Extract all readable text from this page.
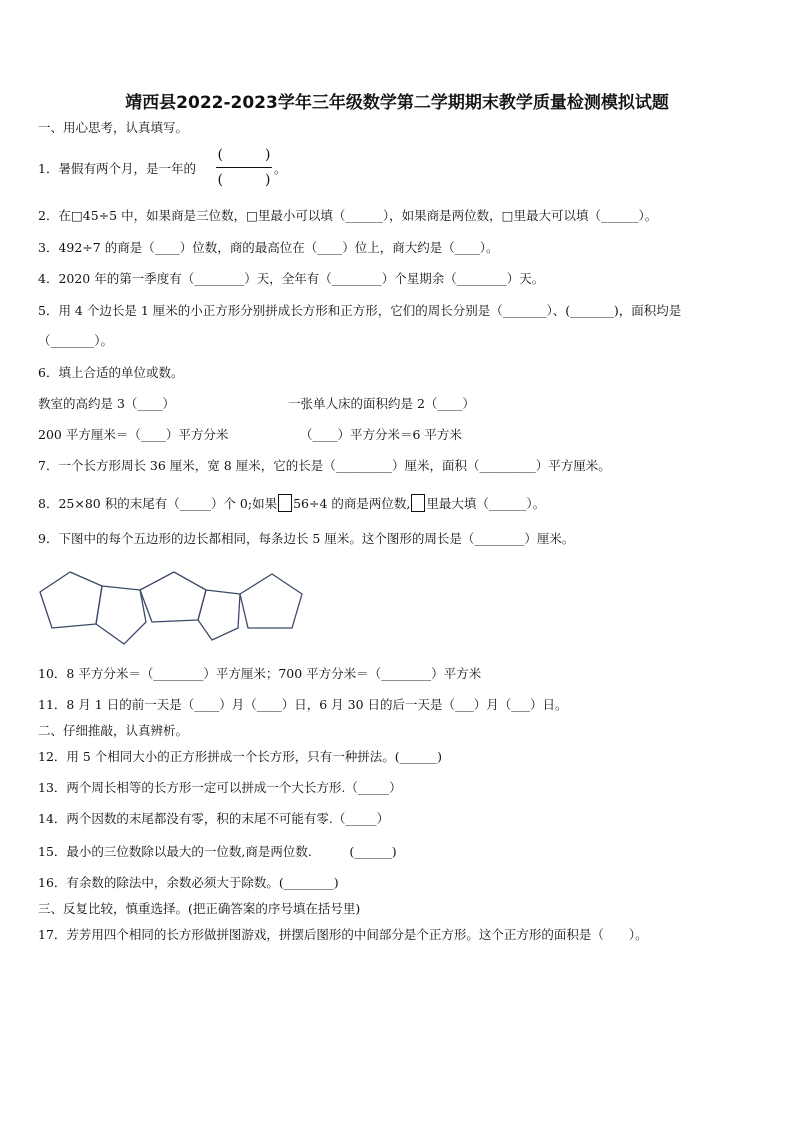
靖西县2022-2023学年三年级数学第二学期期末教学质量检测模拟试题
一、用心思考，认真填写。
1．暑假有两个月，是一年的
(　　　)
(　　　)
。
2．在□45÷5 中，如果商是三位数，□里最小可以填（______），如果商是两位数，□里最大可以填（______）。
3．492÷7 的商是（____）位数，商的最高位在（____）位上，商大约是（____）。
4．2020 年的第一季度有（________）天，全年有（________）个星期余（________）天。
5．用 4 个边长是 1 厘米的小正方形分别拼成长方形和正方形，它们的周长分别是（_______）、(_______)，面积均是
（_______）。
6．填上合适的单位或数。
教室的高约是 3（____）	一张单人床的面积约是 2（____）
200 平方厘米＝（____）平方分米	（____）平方分米＝6 平方米
7．一个长方形周长 36 厘米，宽 8 厘米，它的长是（_________）厘米，面积（_________）平方厘米。
8．25×80 积的末尾有（_____）个 0;如果 56÷4 的商是两位数, 里最大填（______）。
9．下图中的每个五边形的边长都相同，每条边长 5 厘米。这个图形的周长是（________）厘米。
10．8 平方分米＝（________）平方厘米；700 平方分米＝（________）平方米
11．8 月 1 日的前一天是（____）月（____）日，6 月 30 日的后一天是（___）月（___）日。
二、仔细推敲，认真辨析。
12．用 5 个相同大小的正方形拼成一个长方形，只有一种拼法。(______)
13．两个周长相等的长方形一定可以拼成一个大长方形.（_____）
14．两个因数的末尾都没有零，积的末尾不可能有零.（_____）
15．最小的三位数除以最大的一位数,商是两位数.　　　(______)
16．有余数的除法中，余数必须大于除数。(________)
三、反复比较，慎重选择。(把正确答案的序号填在括号里)
17．芳芳用四个相同的长方形做拼图游戏，拼摆后图形的中间部分是个正方形。这个正方形的面积是（　　）。
